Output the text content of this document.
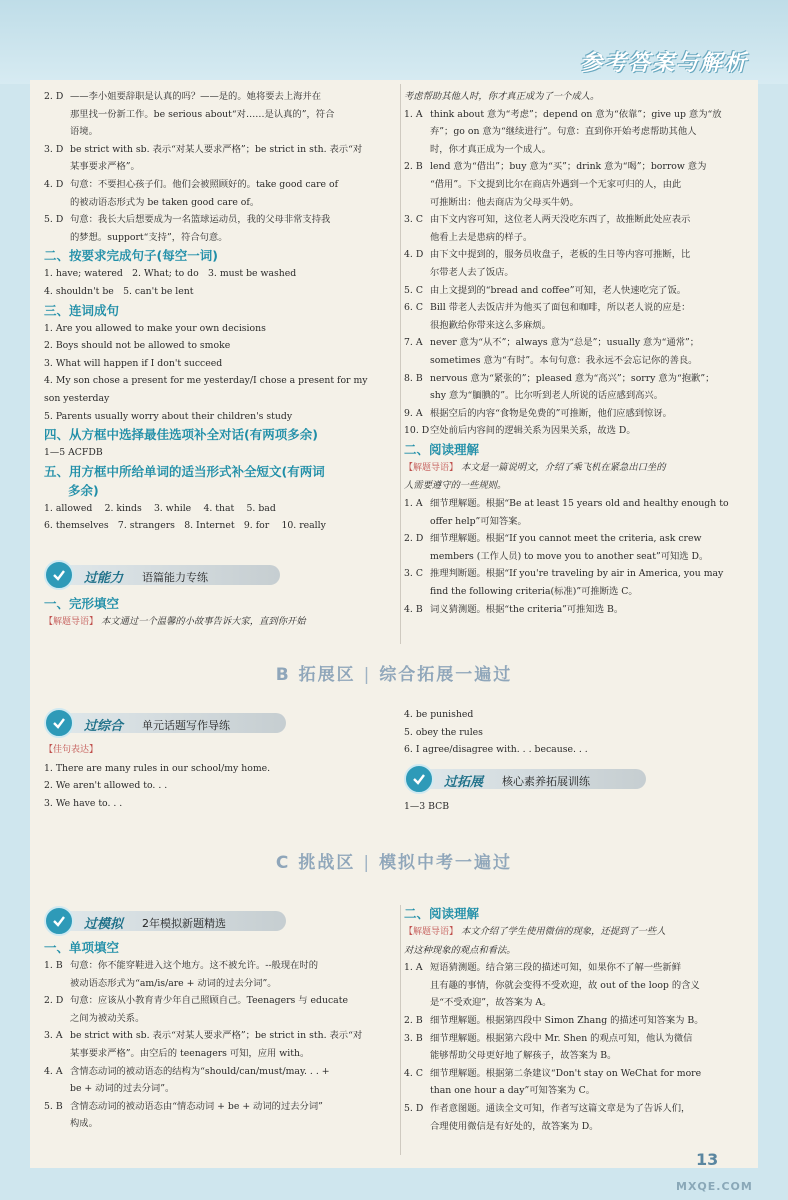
参考答案与解析
2. D ——李小姐要辞职是认真的吗？——是的。她将要去上海并在

那里找一份新工作。be serious about“对……是认真的”，符合

语境。

3. D be strict with sb. 表示“对某人要求严格”；be strict in sth. 表示“对

某事要求严格”。

4. D 句意：不要担心孩子们。他们会被照顾好的。take good care of

的被动语态形式为 be taken good care of。

5. D 句意：我长大后想要成为一名篮球运动员，我的父母非常支持我

的梦想。support“支持”，符合句意。

二、按要求完成句子(每空一词)

1. have; watered　2. What; to do　3. must be washed

4. shouldn't be　5. can't be lent

三、连词成句

1. Are you allowed to make your own decisions

2. Boys should not be allowed to smoke

3. What will happen if I don't succeed

4. My son chose a present for me yesterday/I chose a present for my

son yesterday

5. Parents usually worry about their children's study

四、从方框中选择最佳选项补全对话(有两项多余)

1—5 ACFDB

五、用方框中所给单词的适当形式补全短文(有两词

多余)

1. allowed　 2. kinds　 3. while　 4. that　 5. bad

6. themselves　7. strangers　8. Internet　9. for　 10. really

过能力 语篇能力专练

一、完形填空

【解题导语】 本文通过一个温馨的小故事告诉大家，直到你开始

考虑帮助其他人时，你才真正成为了一个成人。

1. A think about 意为“考虑”；depend on 意为“依靠”；give up 意为“放

弃”；go on 意为“继续进行”。句意：直到你开始考虑帮助其他人

时，你才真正成为一个成人。

2. B lend 意为“借出”；buy 意为“买”；drink 意为“喝”；borrow 意为

“借用”。下文提到比尔在商店外遇到一个无家可归的人，由此

可推断出：他去商店为父母买牛奶。

3. C 由下文内容可知，这位老人两天没吃东西了，故推断此处应表示

他看上去是患病的样子。

4. D 由下文中提到的，服务员收盘子，老板的生日等内容可推断，比

尔带老人去了饭店。

5. C 由上文提到的“bread and coffee”可知，老人快速吃完了饭。

6. C Bill 带老人去饭店并为他买了面包和咖啡，所以老人说的应是：

很抱歉给你带来这么多麻烦。

7. A never 意为“从不”；always 意为“总是”；usually 意为“通常”；

sometimes 意为“有时”。本句句意：我永远不会忘记你的善良。

8. B nervous 意为“紧张的”；pleased 意为“高兴”；sorry 意为“抱歉”；

shy 意为“腼腆的”。比尔听到老人所说的话应感到高兴。

9. A 根据空后的内容“食物是免费的”可推断，他们应感到惊讶。

10. D 空处前后内容间的逻辑关系为因果关系，故选 D。

二、阅读理解

【解题导语】 本文是一篇说明文，介绍了乘飞机在紧急出口坐的

人需要遵守的一些规则。

1. A 细节理解题。根据“Be at least 15 years old and healthy enough to

offer help”可知答案。

2. D 细节理解题。根据“If you cannot meet the criteria, ask crew

members (工作人员) to move you to another seat”可知选 D。

3. C 推理判断题。根据“If you're traveling by air in America, you may

find the following criteria(标准)”可推断选 C。

4. B 词义猜测题。根据“the criteria”可推知选 B。

B 拓展区 | 综合拓展一遍过
过综合 单元话题写作导练

【佳句表达】

1. There are many rules in our school/my home.

2. We aren't allowed to. . .

3. We have to. . .

4. be punished

5. obey the rules

6. I agree/disagree with. . . because. . .

过拓展 核心素养拓展训练

1—3 BCB

C 挑战区 | 模拟中考一遍过
过模拟 2年模拟新题精选

一、单项填空

1. B 句意：你不能穿鞋进入这个地方。这不被允许。--般现在时的

被动语态形式为“am/is/are + 动词的过去分词”。

2. D 句意：应该从小教育青少年自己照顾自己。Teenagers 与 educate

之间为被动关系。

3. A be strict with sb. 表示“对某人要求严格”；be strict in sth. 表示“对

某事要求严格”。由空后的 teenagers 可知，应用 with。

4. A 含情态动词的被动语态的结构为“should/can/must/may. . . +

be + 动词的过去分词”。

5. B 含情态动词的被动语态由“情态动词 + be + 动词的过去分词”

构成。

二、阅读理解

【解题导语】 本文介绍了学生使用微信的现象，还提到了一些人

对这种现象的观点和看法。

1. A 短语猜测题。结合第三段的描述可知，如果你不了解一些新鲜

且有趣的事情，你就会变得不受欢迎，故 out of the loop 的含义

是“不受欢迎”，故答案为 A。

2. B 细节理解题。根据第四段中 Simon Zhang 的描述可知答案为 B。

3. B 细节理解题。根据第六段中 Mr. Shen 的观点可知，他认为微信

能够帮助父母更好地了解孩子，故答案为 B。

4. C 细节理解题。根据第二条建议“Don't stay on WeChat for more

than one hour a day”可知答案为 C。

5. D 作者意图题。通读全文可知，作者写这篇文章是为了告诉人们，

合理使用微信是有好处的，故答案为 D。

13
MXQE.COM
